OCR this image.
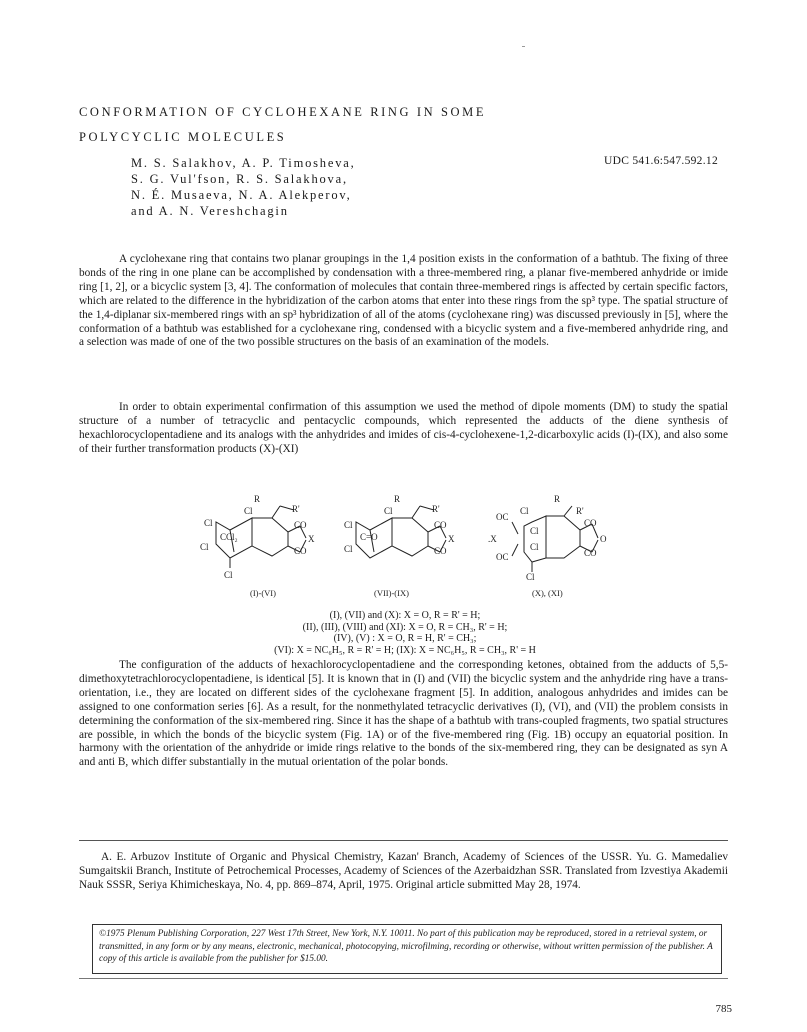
CONFORMATION OF CYCLOHEXANE RING IN SOME
POLYCYCLIC MOLECULES
M. S. Salakhov, A. P. Timosheva,
S. G. Vul'fson, R. S. Salakhova,
N. É. Musaeva, N. A. Alekperov,
and A. N. Vereshchagin
UDC 541.6:547.592.12

A cyclohexane ring that contains two planar groupings in the 1,4 position exists in the conformation of a bathtub. The fixing of three bonds of the ring in one plane can be accomplished by condensation with a three-membered ring, a planar five-membered anhydride or imide ring [1, 2], or a bicyclic system [3, 4]. The conformation of molecules that contain three-membered rings is affected by certain specific factors, which are related to the difference in the hybridization of the carbon atoms that enter into these rings from the sp³ type. The spatial structure of the 1,4-diplanar six-membered rings with an sp³ hybridization of all of the atoms (cyclohexane ring) was discussed previously in [5], where the conformation of a bathtub was established for a cyclohexane ring, condensed with a bicyclic system and a five-membered anhydride ring, and a selection was made of one of the two possible structures on the basis of an examination of the models.

In order to obtain experimental confirmation of this assumption we used the method of dipole moments (DM) to study the spatial structure of a number of tetracyclic and pentacyclic compounds, which represented the adducts of the diene synthesis of hexachlorocyclopentadiene and its analogs with the anhydrides and imides of cis-4-cyclohexene-1,2-dicarboxylic acids (I)-(IX), and also some of their further transformation products (X)-(XI)

R
R'
Cl
Cl
CCl₂
Cl
Cl
CO
X
CO
R
R'
Cl
Cl
C=O
Cl
CO
X
CO
R
R'
Cl
OC
.X
Cl
Cl
OC
Cl
CO
O
CO
(I)-(VI)	(VII)-(IX)	(X), (XI)
(I), (VII) and (X): X = O, R = R' = H;
(II), (III), (VIII) and (XI): X = O, R = CH₃, R' = H;
(IV), (V) : X = O, R = H, R' = CH₃;
(VI): X = NC₆H₅, R = R' = H; (IX): X = NC₆H₅, R = CH₃, R' = H

The configuration of the adducts of hexachlorocyclopentadiene and the corresponding ketones, obtained from the adducts of 5,5-dimethoxytetrachlorocyclopentadiene, is identical [5]. It is known that in (I) and (VII) the bicyclic system and the anhydride ring have a trans-orientation, i.e., they are located on different sides of the cyclohexane fragment [5]. In addition, analogous anhydrides and imides can be assigned to one conformation series [6]. As a result, for the nonmethylated tetracyclic derivatives (I), (VI), and (VII) the problem consists in determining the conformation of the six-membered ring. Since it has the shape of a bathtub with trans-coupled fragments, two spatial structures are possible, in which the bonds of the bicyclic system (Fig. 1A) or of the five-membered ring (Fig. 1B) occupy an equatorial position. In harmony with the orientation of the anhydride or imide rings relative to the bonds of the six-membered ring, they can be designated as syn A and anti B, which differ substantially in the mutual orientation of the polar bonds.

A. E. Arbuzov Institute of Organic and Physical Chemistry, Kazan' Branch, Academy of Sciences of the USSR. Yu. G. Mamedaliev Sumgaitskii Branch, Institute of Petrochemical Processes, Academy of Sciences of the Azerbaidzhan SSR. Translated from Izvestiya Akademii Nauk SSSR, Seriya Khimicheskaya, No. 4, pp. 869–874, April, 1975. Original article submitted May 28, 1974.

©1975 Plenum Publishing Corporation, 227 West 17th Street, New York, N.Y. 10011. No part of this publication may be reproduced, stored in a retrieval system, or transmitted, in any form or by any means, electronic, mechanical, photocopying, microfilming, recording or otherwise, without written permission of the publisher. A copy of this article is available from the publisher for $15.00.
785
